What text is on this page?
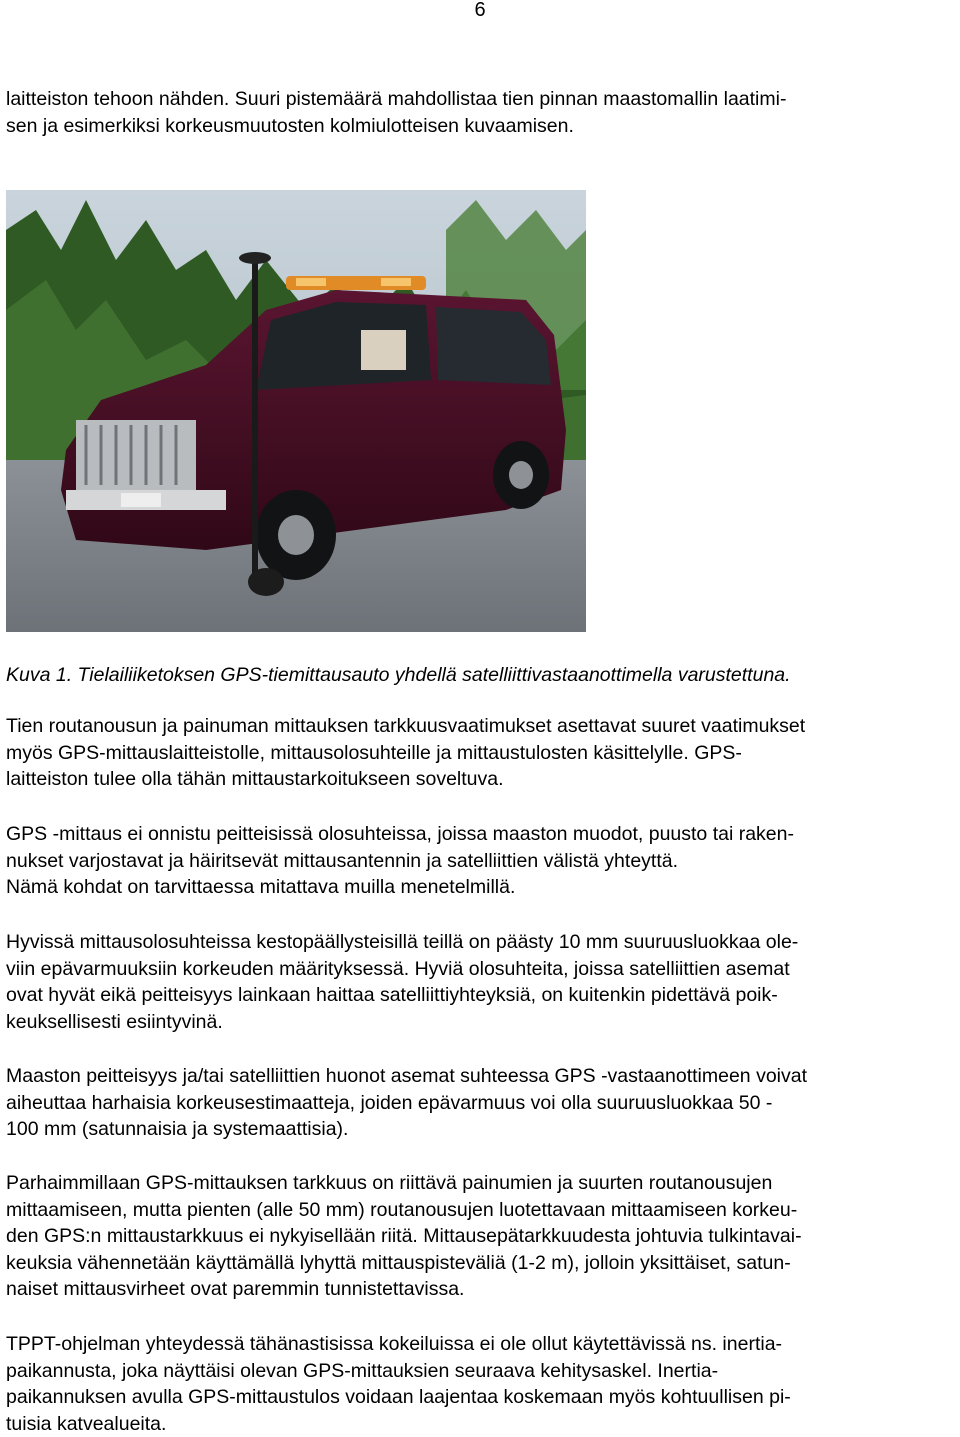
6
laitteiston tehoon nähden. Suuri pistemäärä mahdollistaa tien pinnan maastomallin laatimi-
sen ja esimerkiksi korkeusmuutosten kolmiulotteisen kuvaamisen.
Kuva 1. Tielailiiketoksen GPS-tiemittausauto yhdellä satelliittivastaanottimella varustettuna.
Tien routanousun ja painuman mittauksen tarkkuusvaatimukset asettavat suuret vaatimukset
myös GPS-mittauslaitteistolle, mittausolosuhteille ja mittaustulosten käsittelylle. GPS-
laitteiston tulee olla tähän mittaustarkoitukseen soveltuva.
GPS -mittaus ei onnistu peitteisissä olosuhteissa, joissa maaston muodot, puusto tai raken-
nukset varjostavat ja häiritsevät mittausantennin ja satelliittien välistä yhteyttä.
Nämä kohdat on tarvittaessa mitattava muilla menetelmillä.
Hyvissä mittausolosuhteissa kestopäällysteisillä teillä on päästy 10 mm suuruusluokkaa ole-
viin epävarmuuksiin korkeuden määrityksessä. Hyviä olosuhteita, joissa satelliittien asemat
ovat hyvät eikä peitteisyys lainkaan haittaa satelliittiyhteyksiä, on kuitenkin pidettävä poik-
keuksellisesti esiintyvinä.
Maaston peitteisyys ja/tai satelliittien huonot asemat suhteessa GPS -vastaanottimeen voivat
aiheuttaa harhaisia korkeusestimaatteja, joiden epävarmuus voi olla suuruusluokkaa 50 -
100 mm (satunnaisia ja systemaattisia).
Parhaimmillaan GPS-mittauksen tarkkuus on riittävä painumien ja suurten routanousujen
mittaamiseen, mutta pienten (alle 50 mm) routanousujen luotettavaan mittaamiseen korkeu-
den GPS:n mittaustarkkuus ei nykyisellään riitä. Mittausepätarkkuudesta johtuvia tulkintavai-
keuksia vähennetään käyttämällä lyhyttä mittauspisteväliä (1-2 m), jolloin yksittäiset, satun-
naiset mittausvirheet ovat paremmin tunnistettavissa.
TPPT-ohjelman yhteydessä tähänastisissa kokeiluissa ei ole ollut käytettävissä ns. inertia-
paikannusta, joka näyttäisi olevan GPS-mittauksien seuraava kehitysaskel. Inertia-
paikannuksen avulla GPS-mittaustulos voidaan laajentaa koskemaan myös kohtuullisen pi-
tuisia katvealueita.
